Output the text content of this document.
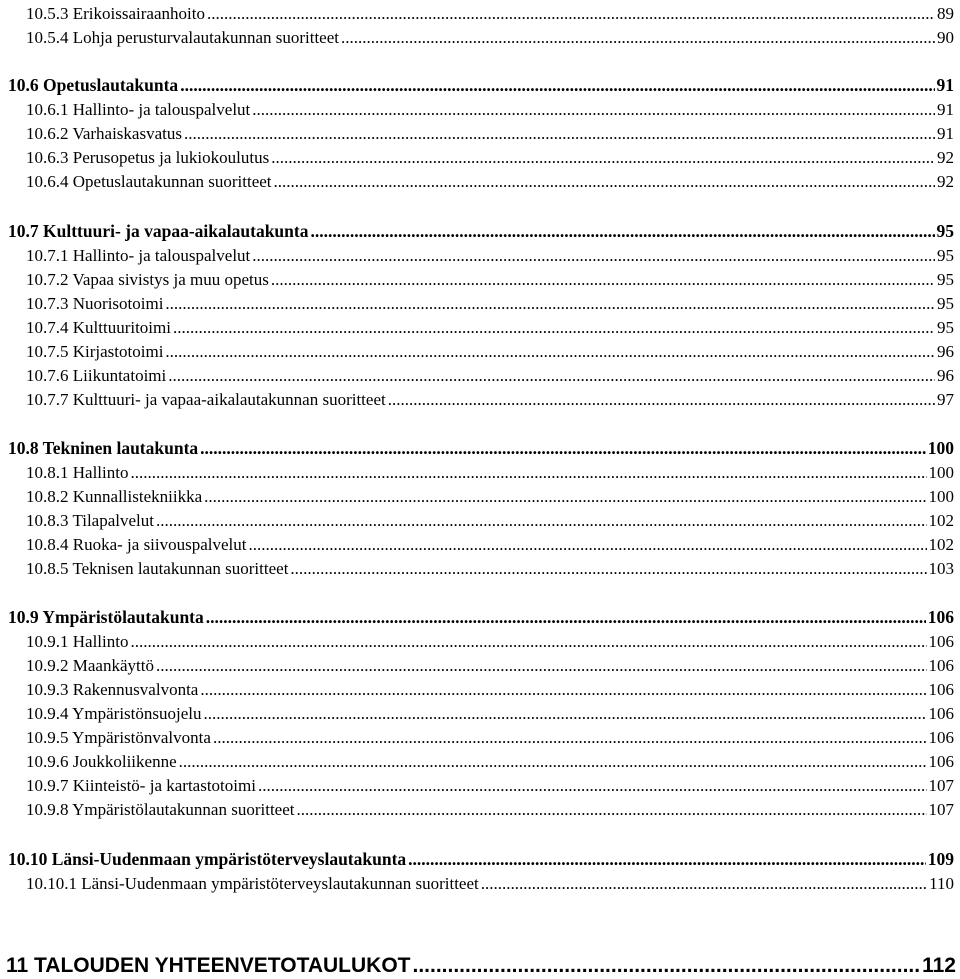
10.5.3 Erikoissairaanhoito .....	89
10.5.4 Lohja perusturvalautakunnan suoritteet .....	90
10.6 Opetuslautakunta .....	91
10.6.1 Hallinto- ja talouspalvelut .....	91
10.6.2 Varhaiskasvatus .....	91
10.6.3 Perusopetus ja lukiokoulutus .....	92
10.6.4 Opetuslautakunnan suoritteet .....	92
10.7 Kulttuuri- ja vapaa-aikalautakunta .....	95
10.7.1 Hallinto- ja talouspalvelut .....	95
10.7.2 Vapaa sivistys ja muu opetus .....	95
10.7.3 Nuorisotoimi .....	95
10.7.4 Kulttuuritoimi .....	95
10.7.5 Kirjastotoimi .....	96
10.7.6 Liikuntatoimi .....	96
10.7.7 Kulttuuri- ja vapaa-aikalautakunnan suoritteet .....	97
10.8 Tekninen lautakunta .....	100
10.8.1 Hallinto .....	100
10.8.2 Kunnallistekniikka .....	100
10.8.3 Tilapalvelut .....	102
10.8.4 Ruoka- ja siivouspalvelut .....	102
10.8.5 Teknisen lautakunnan suoritteet .....	103
10.9 Ympäristölautakunta .....	106
10.9.1 Hallinto .....	106
10.9.2 Maankäyttö .....	106
10.9.3 Rakennusvalvonta .....	106
10.9.4 Ympäristönsuojelu .....	106
10.9.5 Ympäristönvalvonta .....	106
10.9.6 Joukkoliikenne .....	106
10.9.7 Kiinteistö- ja kartastotoimi .....	107
10.9.8 Ympäristölautakunnan suoritteet .....	107
10.10 Länsi-Uudenmaan ympäristöterveyslautakunta .....	109
10.10.1 Länsi-Uudenmaan ympäristöterveyslautakunnan suoritteet .....	110
11 TALOUDEN YHTEENVETOTAULUKOT .....	112
